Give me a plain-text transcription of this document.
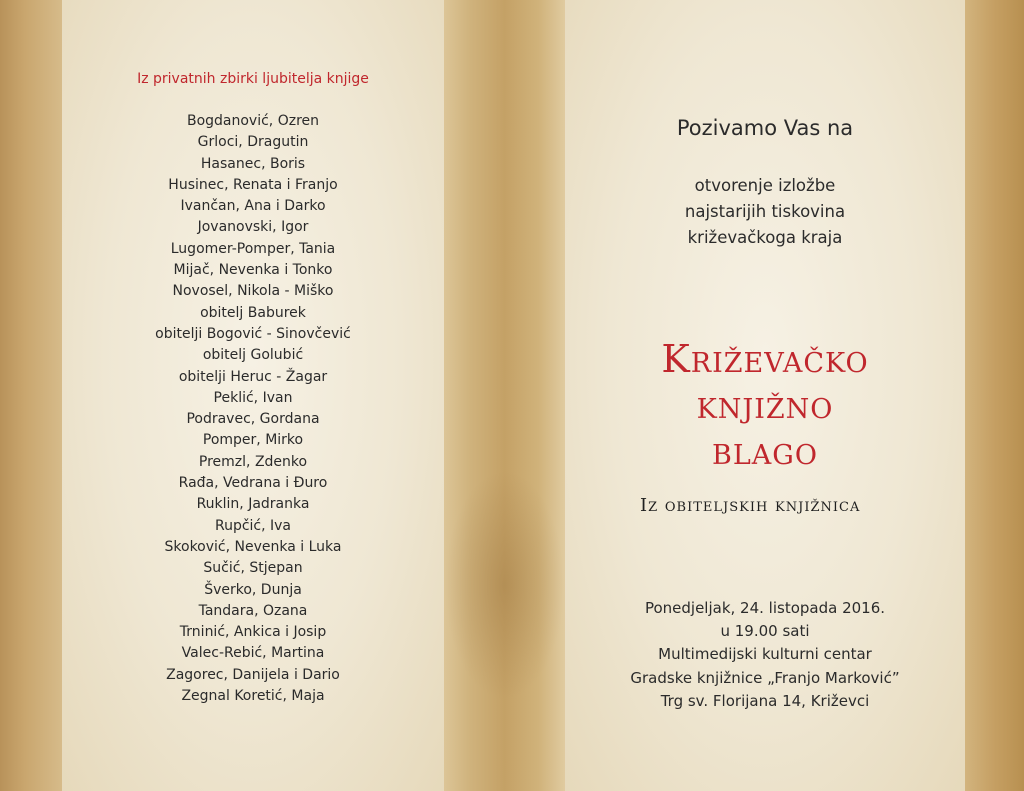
Iz privatnih zbirki ljubitelja knjige
Bogdanović, Ozren
Grloci, Dragutin
Hasanec, Boris
Husinec, Renata i Franjo
Ivančan, Ana i Darko
Jovanovski, Igor
Lugomer-Pomper, Tania
Mijač, Nevenka i Tonko
Novosel, Nikola - Miško
obitelj Baburek
obitelji Bogović - Sinovčević
obitelj Golubić
obitelji Heruc - Žagar
Peklić, Ivan
Podravec, Gordana
Pomper, Mirko
Premzl, Zdenko
Rađa, Vedrana i Đuro
Ruklin, Jadranka
Rupčić, Iva
Skoković, Nevenka i Luka
Sučić, Stjepan
Šverko, Dunja
Tandara, Ozana
Trninić, Ankica i Josip
Valec-Rebić, Martina
Zagorec, Danijela i Dario
Zegnal Koretić, Maja
Pozivamo Vas na
otvorenje izložbe
najstarijih tiskovina
križevačkoga kraja
Križevačko
knjižno
blago
Iz obiteljskih knjižnica
Ponedjeljak, 24. listopada 2016.
u 19.00 sati
Multimedijski kulturni centar
Gradske knjižnice „Franjo Marković”
Trg sv. Florijana 14, Križevci
